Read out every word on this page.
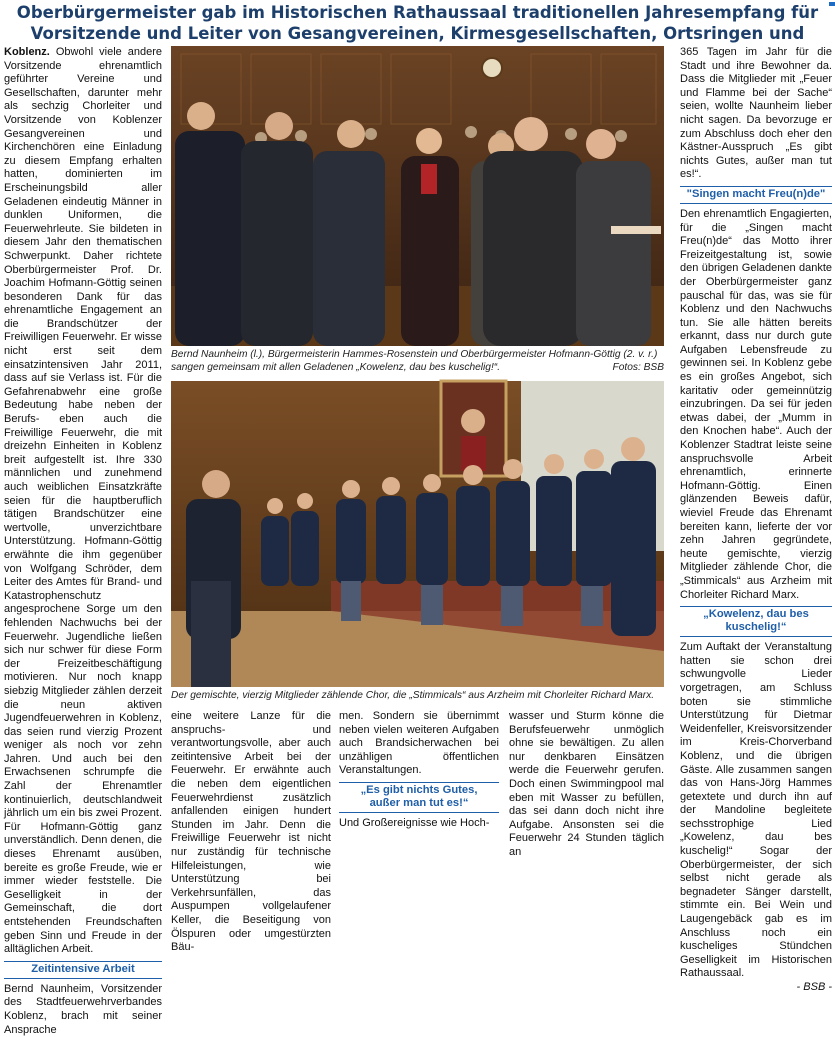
Oberbürgermeister gab im Historischen Rathaussaal traditionellen Jahresempfang für
Vorsitzende und Leiter von Gesangvereinen, Kirmesgesellschaften, Ortsringen und

Koblenz. Obwohl viele andere Vorsitzende ehrenamtlich geführter Vereine und Gesellschaften, darunter mehr als sechzig Chorleiter und Vorsitzende von Koblenzer Gesangvereinen und Kirchenchören eine Einladung zu diesem Empfang erhalten hatten, dominierten im Erscheinungsbild aller Geladenen eindeutig Männer in dunklen Uniformen, die Feuerwehrleute. Sie bildeten in diesem Jahr den thematischen Schwerpunkt. Daher richtete Oberbürgermeister Prof. Dr. Joachim Hofmann-Göttig seinen besonderen Dank für das ehrenamtliche Engagement an die Brandschützer der Freiwilligen Feuerwehr. Er wisse nicht erst seit dem einsatzintensiven Jahr 2011, dass auf sie Verlass ist. Für die Gefahrenabwehr eine große Bedeutung habe neben der Berufs- eben auch die Freiwillige Feuerwehr, die mit dreizehn Einheiten in Koblenz breit aufgestellt ist. Ihre 330 männlichen und zunehmend auch weiblichen Einsatzkräfte seien für die hauptberuflich tätigen Brandschützer eine wertvolle, unverzichtbare Unterstützung. Hofmann-Göttig erwähnte die ihm gegenüber von Wolfgang Schröder, dem Leiter des Amtes für Brand- und Katastrophenschutz angesprochene Sorge um den fehlenden Nachwuchs bei der Feuerwehr. Jugendliche ließen sich nur schwer für diese Form der Freizeitbeschäftigung motivieren. Nur noch knapp siebzig Mitglieder zählen derzeit die neun aktiven Jugendfeuerwehren in Koblenz, das seien rund vierzig Prozent weniger als noch vor zehn Jahren. Und auch bei den Erwachsenen schrumpfe die Zahl der Ehrenamtler kontinuierlich, deutschlandweit jährlich um ein bis zwei Prozent. Für Hofmann-Göttig ganz unverständlich. Denn denen, die dieses Ehrenamt ausüben, bereite es große Freude, wie er immer wieder feststelle. Die Geselligkeit in der Gemeinschaft, die dort entstehenden Freundschaften geben Sinn und Freude in der alltäglichen Arbeit.

Zeitintensive Arbeit

Bernd Naunheim, Vorsitzender des Stadtfeuerwehrverbandes Koblenz, brach mit seiner Ansprache

Bernd Naunheim (l.), Bürgermeisterin Hammes-Rosenstein und Oberbürgermeister Hofmann-Göttig (2. v. r.) sangen gemeinsam mit allen Geladenen „Kowelenz, dau bes kuschelig!“.	Fotos: BSB
Der gemischte, vierzig Mitglieder zählende Chor, die „Stimmicals“ aus Arzheim mit Chorleiter Richard Marx.

eine weitere Lanze für die anspruchs- und verantwortungsvolle, aber auch zeitintensive Arbeit bei der Feuerwehr. Er erwähnte auch die neben dem eigentlichen Feuerwehrdienst zusätzlich anfallenden einigen hundert Stunden im Jahr. Denn die Freiwillige Feuerwehr ist nicht nur zuständig für technische Hilfeleistungen, wie Unterstützung bei Verkehrsunfällen, das Auspumpen vollgelaufener Keller, die Beseitigung von Ölspuren oder umgestürzten Bäu-

men. Sondern sie übernimmt neben vielen weiteren Aufgaben auch Brandsicherwachen bei unzähligen öffentlichen Veranstaltungen.

„Es gibt nichts Gutes,
außer man tut es!“

Und Großereignisse wie Hoch-

wasser und Sturm könne die Berufsfeuerwehr unmöglich ohne sie bewältigen. Zu allen nur denkbaren Einsätzen werde die Feuerwehr gerufen. Doch einen Swimmingpool mal eben mit Wasser zu befüllen, das sei dann doch nicht ihre Aufgabe. Ansonsten sei die Feuerwehr 24 Stunden täglich an

365 Tagen im Jahr für die Stadt und ihre Bewohner da. Dass die Mitglieder mit „Feuer und Flamme bei der Sache“ seien, wollte Naunheim lieber nicht sagen. Da bevorzuge er zum Abschluss doch eher den Kästner-Ausspruch „Es gibt nichts Gutes, außer man tut es!“.

"Singen macht Freu(n)de"

Den ehrenamtlich Engagierten, für die „Singen macht Freu(n)de“ das Motto ihrer Freizeitgestaltung ist, sowie den übrigen Geladenen dankte der Oberbürgermeister ganz pauschal für das, was sie für Koblenz und den Nachwuchs tun. Sie alle hätten bereits erkannt, dass nur durch gute Aufgaben Lebensfreude zu gewinnen sei. In Koblenz gebe es ein großes Angebot, sich karitativ oder gemeinnützig einzubringen. Da sei für jeden etwas dabei, der „Mumm in den Knochen habe“. Auch der Koblenzer Stadtrat leiste seine anspruchsvolle Arbeit ehrenamtlich, erinnerte Hofmann-Göttig. Einen glänzenden Beweis dafür, wieviel Freude das Ehrenamt bereiten kann, lieferte der vor zehn Jahren gegründete, heute gemischte, vierzig Mitglieder zählende Chor, die „Stimmicals“ aus Arzheim mit Chorleiter Richard Marx.

„Kowelenz, dau bes kuschelig!“

Zum Auftakt der Veranstaltung hatten sie schon drei schwungvolle Lieder vorgetragen, am Schluss boten sie stimmliche Unterstützung für Dietmar Weidenfeller, Kreisvorsitzender im Kreis-Chorverband Koblenz, und die übrigen Gäste. Alle zusammen sangen das von Hans-Jörg Hammes getextete und durch ihn auf der Mandoline begleitete sechsstrophige Lied „Kowelenz, dau bes kuschelig!“ Sogar der Oberbürgermeister, der sich selbst nicht gerade als begnadeter Sänger darstellt, stimmte ein. Bei Wein und Laugengebäck gab es im Anschluss noch ein kuscheliges Stündchen Geselligkeit im Historischen Rathaussaal.

- BSB -
